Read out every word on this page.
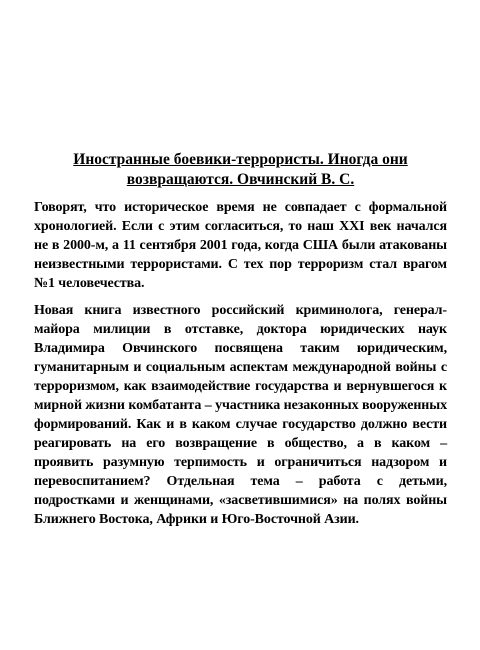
Иностранные боевики-террористы. Иногда они возвращаются. Овчинский В. С.

Говорят, что историческое время не совпадает с формальной хронологией. Если с этим согласиться, то наш XXI век начался не в 2000-м, а 11 сентября 2001 года, когда США были атакованы неизвестными террористами. С тех пор терроризм стал врагом №1 человечества.

Новая книга известного российский криминолога, генерал-майора милиции в отставке, доктора юридических наук Владимира Овчинского посвящена таким юридическим, гуманитарным и социальным аспектам международной войны с терроризмом, как взаимодействие государства и вернувшегося к мирной жизни комбатанта – участника незаконных вооруженных формирований. Как и в каком случае государство должно вести реагировать на его возвращение в общество, а в каком – проявить разумную терпимость и ограничиться надзором и перевоспитанием? Отдельная тема – работа с детьми, подростками и женщинами, «засветившимися» на полях войны Ближнего Востока, Африки и Юго-Восточной Азии.
